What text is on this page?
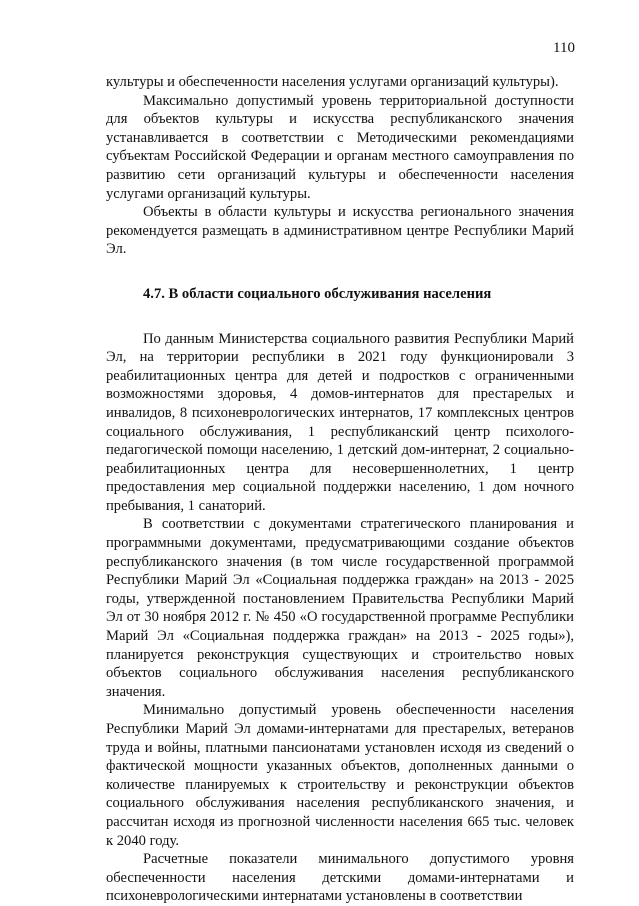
110

культуры и обеспеченности населения услугами организаций культуры).

Максимально допустимый уровень территориальной доступности для объектов культуры и искусства республиканского значения устанавливается в соответствии с Методическими рекомендациями субъектам Российской Федерации и органам местного самоуправления по развитию сети организаций культуры и обеспеченности населения услугами организаций культуры.

Объекты в области культуры и искусства регионального значения рекомендуется размещать в административном центре Республики Марий Эл.

4.7. В области социального обслуживания населения

По данным Министерства социального развития Республики Марий Эл, на территории республики в 2021 году функционировали 3 реабилитационных центра для детей и подростков с ограниченными возможностями здоровья, 4 домов-интернатов для престарелых и инвалидов, 8 психоневрологических интернатов, 17 комплексных центров социального обслуживания, 1 республиканский центр психолого-педагогической помощи населению, 1 детский дом-интернат, 2 социально-реабилитационных центра для несовершеннолетних, 1 центр предоставления мер социальной поддержки населению, 1 дом ночного пребывания, 1 санаторий.

В соответствии с документами стратегического планирования и программными документами, предусматривающими создание объектов республиканского значения (в том числе государственной программой Республики Марий Эл «Социальная поддержка граждан» на 2013 - 2025 годы, утвержденной постановлением Правительства Республики Марий Эл от 30 ноября 2012 г. № 450 «О государственной программе Республики Марий Эл «Социальная поддержка граждан» на 2013 - 2025 годы»), планируется реконструкция существующих и строительство новых объектов социального обслуживания населения республиканского значения.

Минимально допустимый уровень обеспеченности населения Республики Марий Эл домами-интернатами для престарелых, ветеранов труда и войны, платными пансионатами установлен исходя из сведений о фактической мощности указанных объектов, дополненных данными о количестве планируемых к строительству и реконструкции объектов социального обслуживания населения республиканского значения, и рассчитан исходя из прогнозной численности населения 665 тыс. человек к 2040 году.

Расчетные показатели минимального допустимого уровня обеспеченности населения детскими домами-интернатами и психоневрологическими интернатами установлены в соответствии
